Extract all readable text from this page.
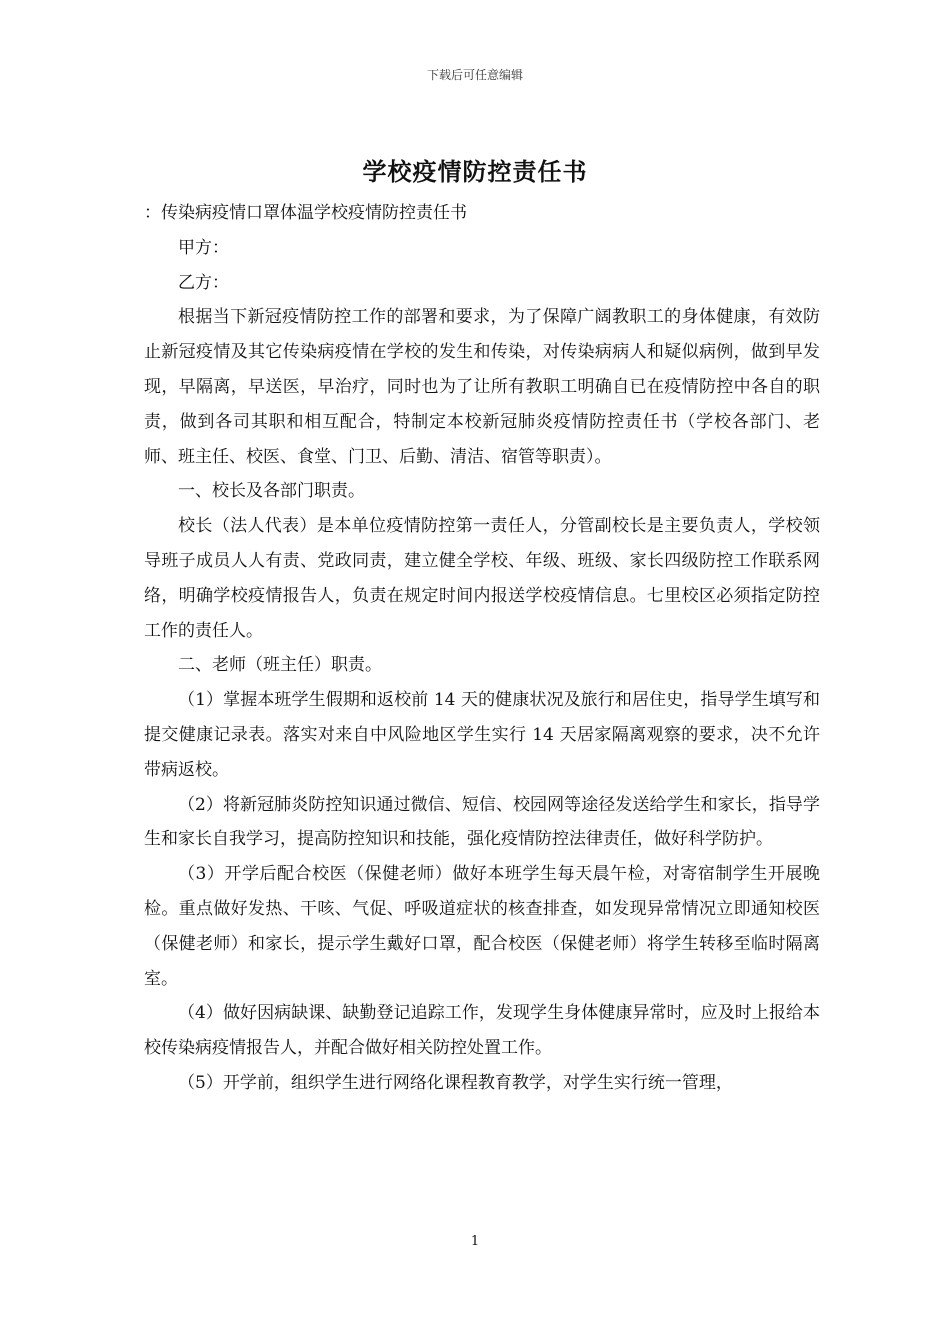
下载后可任意编辑
学校疫情防控责任书

：传染病疫情口罩体温学校疫情防控责任书

甲方：

乙方：

根据当下新冠疫情防控工作的部署和要求，为了保障广阔教职工的身体健康，有效防止新冠疫情及其它传染病疫情在学校的发生和传染，对传染病病人和疑似病例，做到早发现，早隔离，早送医，早治疗，同时也为了让所有教职工明确自已在疫情防控中各自的职责，做到各司其职和相互配合，特制定本校新冠肺炎疫情防控责任书（学校各部门、老师、班主任、校医、食堂、门卫、后勤、清洁、宿管等职责）。

一、校长及各部门职责。

校长（法人代表）是本单位疫情防控第一责任人，分管副校长是主要负责人，学校领导班子成员人人有责、党政同责，建立健全学校、年级、班级、家长四级防控工作联系网络，明确学校疫情报告人，负责在规定时间内报送学校疫情信息。七里校区必须指定防控工作的责任人。

二、老师（班主任）职责。

（1）掌握本班学生假期和返校前 14 天的健康状况及旅行和居住史，指导学生填写和提交健康记录表。落实对来自中风险地区学生实行 14 天居家隔离观察的要求，决不允许带病返校。

（2）将新冠肺炎防控知识通过微信、短信、校园网等途径发送给学生和家长，指导学生和家长自我学习，提高防控知识和技能，强化疫情防控法律责任，做好科学防护。

（3）开学后配合校医（保健老师）做好本班学生每天晨午检，对寄宿制学生开展晚检。重点做好发热、干咳、气促、呼吸道症状的核查排查，如发现异常情况立即通知校医（保健老师）和家长，提示学生戴好口罩，配合校医（保健老师）将学生转移至临时隔离室。

（4）做好因病缺课、缺勤登记追踪工作，发现学生身体健康异常时，应及时上报给本校传染病疫情报告人，并配合做好相关防控处置工作。

（5）开学前，组织学生进行网络化课程教育教学，对学生实行统一管理，

1
